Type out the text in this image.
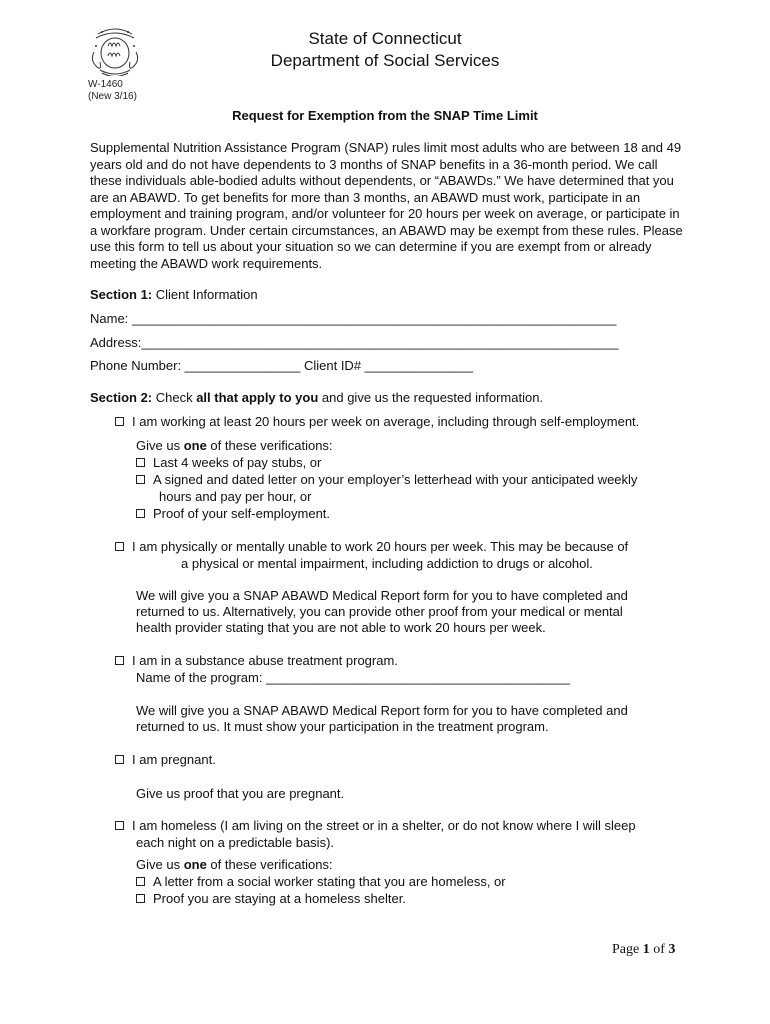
W-1460
(New 3/16)
State of Connecticut
Department of Social Services
Request for Exemption from the SNAP Time Limit
Supplemental Nutrition Assistance Program (SNAP) rules limit most adults who are between 18 and 49 years old and do not have dependents to 3 months of SNAP benefits in a 36-month period. We call these individuals able-bodied adults without dependents, or “ABAWDs.” We have determined that you are an ABAWD. To get benefits for more than 3 months, an ABAWD must work, participate in an employment and training program, and/or volunteer for 20 hours per week on average, or participate in a workfare program. Under certain circumstances, an ABAWD may be exempt from these rules. Please use this form to tell us about your situation so we can determine if you are exempt from or already meeting the ABAWD work requirements.
Section 1: Client Information
Name: ___________________________________________________________________
Address:__________________________________________________________________
Phone Number: ________________ Client ID# _______________
Section 2: Check all that apply to you and give us the requested information.
I am working at least 20 hours per week on average, including through self-employment.
Give us one of these verifications:
Last 4 weeks of pay stubs, or
A signed and dated letter on your employer’s letterhead with your anticipated weekly
hours and pay per hour, or
Proof of your self-employment.
I am physically or mentally unable to work 20 hours per week. This may be because of
a physical or mental impairment, including addiction to drugs or alcohol.
We will give you a SNAP ABAWD Medical Report form for you to have completed and
returned to us. Alternatively, you can provide other proof from your medical or mental
health provider stating that you are not able to work 20 hours per week.
I am in a substance abuse treatment program.
Name of the program: __________________________________________
We will give you a SNAP ABAWD Medical Report form for you to have completed and
returned to us. It must show your participation in the treatment program.
I am pregnant.
Give us proof that you are pregnant.
I am homeless (I am living on the street or in a shelter, or do not know where I will sleep
each night on a predictable basis).
Give us one of these verifications:
A letter from a social worker stating that you are homeless, or
Proof you are staying at a homeless shelter.
Page 1 of 3
